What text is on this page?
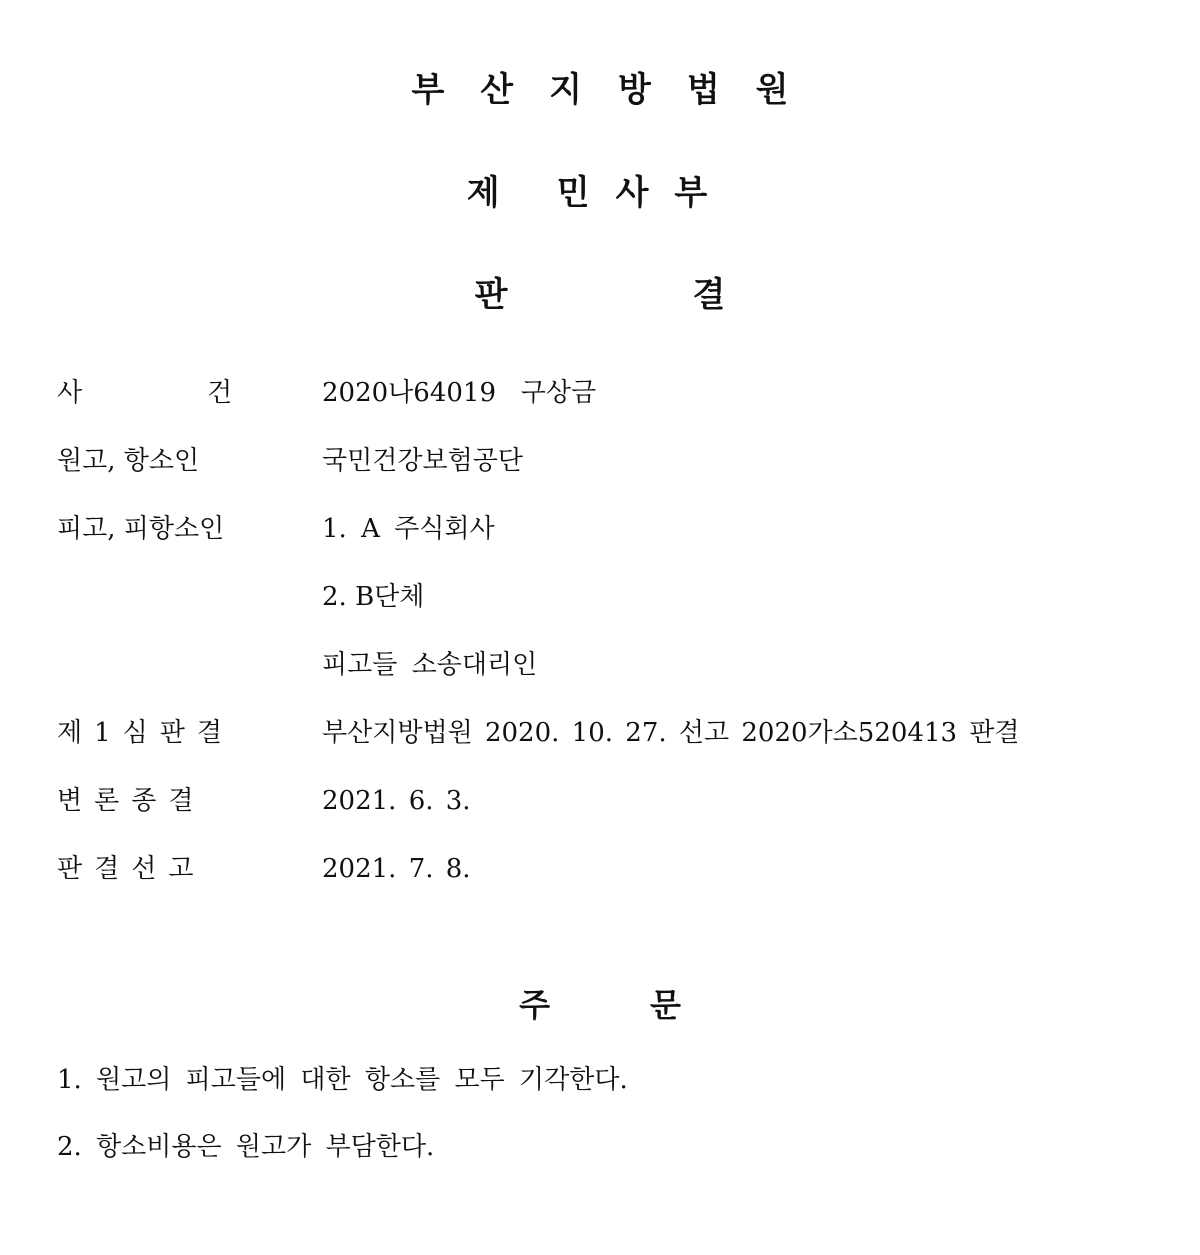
부산지방법원
제 민사부
판	결
사	건	2020나64019   구상금
원고, 항소인	국민건강보험공단
피고, 피항소인	1. A 주식회사
2. B단체
피고들 소송대리인
제1심판결	부산지방법원 2020. 10. 27. 선고 2020가소520413 판결
변론종결	2021. 6. 3.
판결선고	2021. 7. 8.
주	문
1. 원고의 피고들에 대한 항소를 모두 기각한다.
2. 항소비용은 원고가 부담한다.
